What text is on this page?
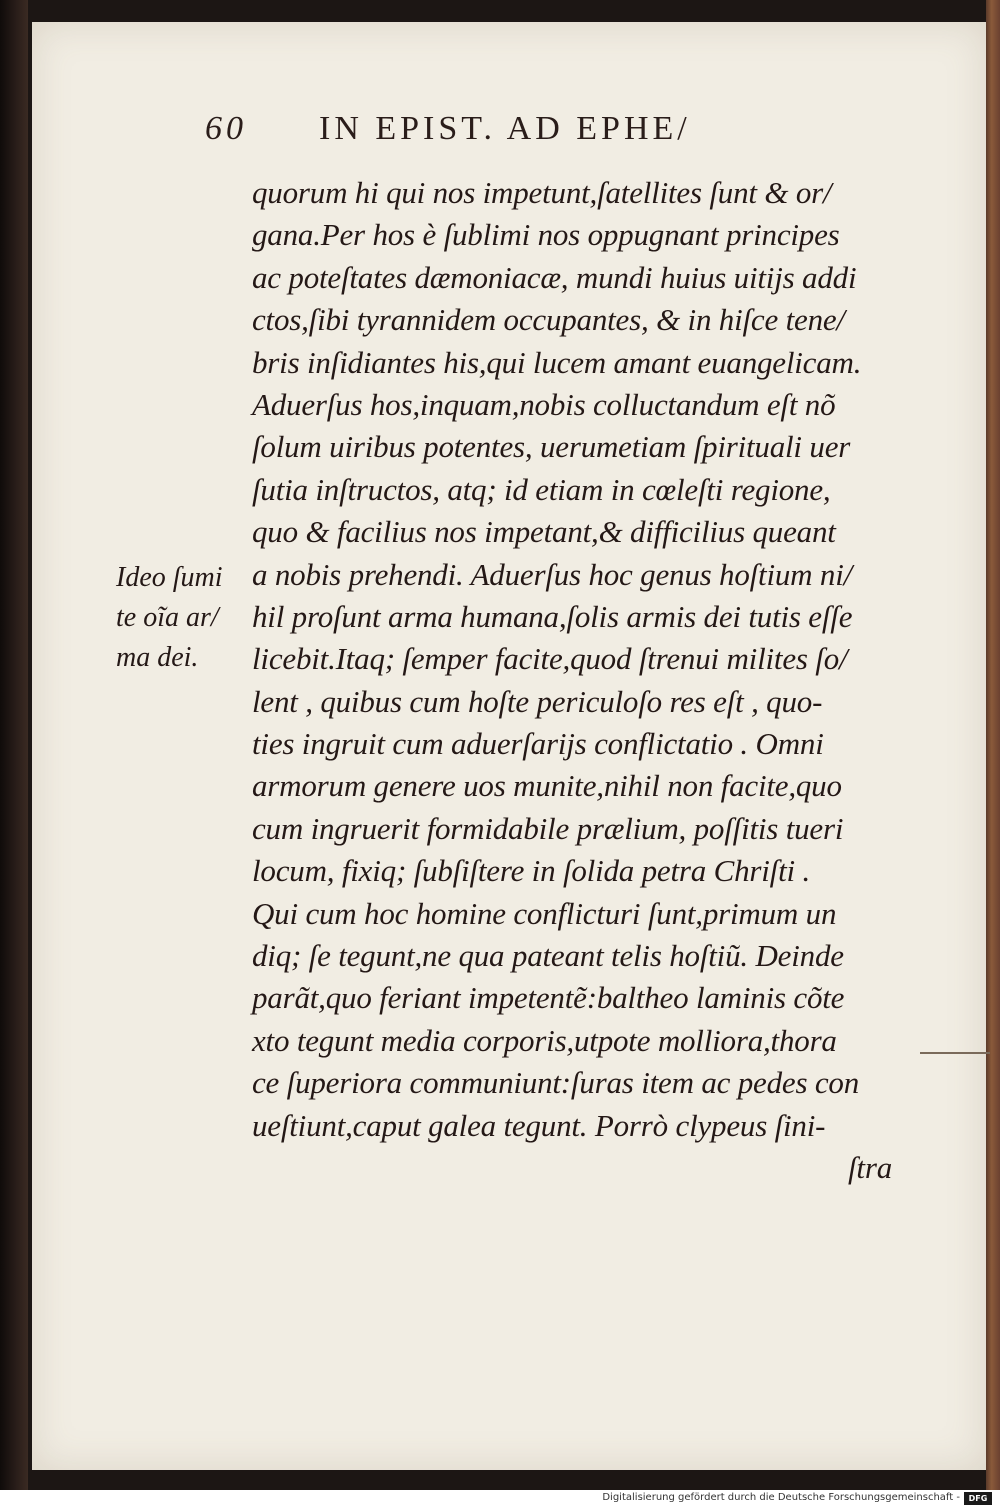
60 IN EPIST. AD EPHE/
Ideo ſumi
te oĩa ar/
ma dei.
quorum hi qui nos impetunt,ſatellites ſunt & or/
gana.Per hos è ſublimi nos oppugnant principes
ac poteſtates dæmoniacæ, mundi huius uitijs addi
ctos,ſibi tyrannidem occupantes, & in hiſce tene/
bris inſidiantes his,qui lucem amant euangelicam.
Aduerſus hos,inquam,nobis colluctandum eſt nõ
ſolum uiribus potentes, uerumetiam ſpirituali uer
ſutia inſtructos, atq; id etiam in cœleſti regione,
quo & facilius nos impetant,& difficilius queant
a nobis prehendi. Aduerſus hoc genus hoſtium ni/
hil proſunt arma humana,ſolis armis dei tutis eſſe
licebit.Itaq; ſemper facite,quod ſtrenui milites ſo/
lent , quibus cum hoſte periculoſo res eſt , quo-
ties ingruit cum aduerſarijs conflictatio . Omni
armorum genere uos munite,nihil non facite,quo
cum ingruerit formidabile prælium, poſſitis tueri
locum, fixiq; ſubſiſtere in ſolida petra Chriſti .
Qui cum hoc homine conflicturi ſunt,primum un
diq; ſe tegunt,ne qua pateant telis hoſtiũ. Deinde
parãt,quo feriant impetentẽ:baltheo laminis cõte
xto tegunt media corporis,utpote molliora,thora
ce ſuperiora communiunt:ſuras item ac pedes con
ueſtiunt,caput galea tegunt. Porrò clypeus ſini-
ſtra
Digitalisierung gefördert durch die Deutsche Forschungsgemeinschaft -	DFG
